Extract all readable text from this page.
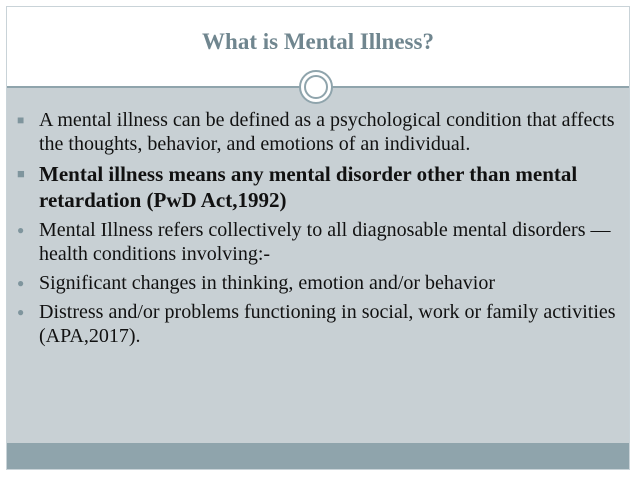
What is Mental Illness?
■ A mental illness can be defined as a psychological condition that affects the thoughts, behavior, and emotions of an individual.
■ Mental illness means any mental disorder other than mental retardation (PwD Act,1992)
● Mental Illness refers collectively to all diagnosable mental disorders — health conditions involving:-
● Significant changes in thinking, emotion and/or behavior
● Distress and/or problems functioning in social, work or family activities (APA,2017).
